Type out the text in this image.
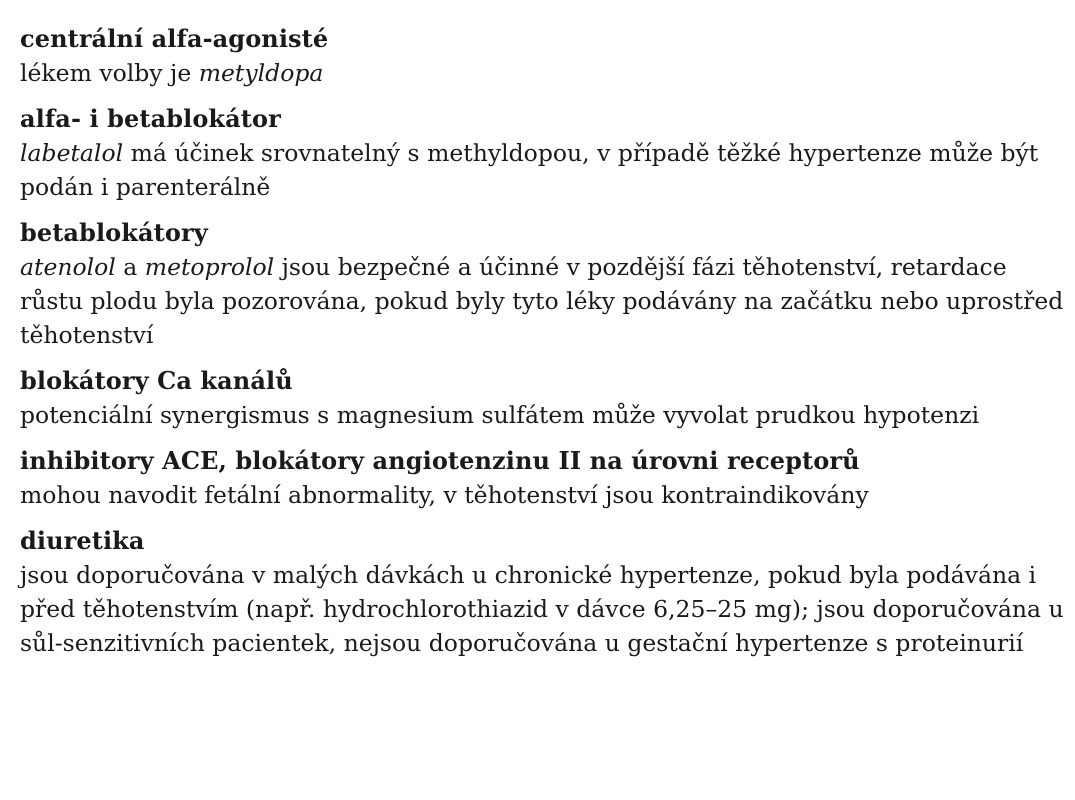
centrální alfa-agonisté
lékem volby je metyldopa
alfa- i betablokátor
labetalol má účinek srovnatelný s methyldopou, v případě těžké hypertenze může být podán i parenterálně
betablokátory
atenolol a metoprolol jsou bezpečné a účinné v pozdější fázi těhotenství, retardace růstu plodu byla pozorována, pokud byly tyto léky podávány na začátku nebo uprostřed těhotenství
blokátory Ca kanálů
potenciální synergismus s magnesium sulfátem může vyvolat prudkou hypotenzi
inhibitory ACE, blokátory angiotenzinu II na úrovni receptorů
mohou navodit fetální abnormality, v těhotenství jsou kontraindikovány
diuretika
jsou doporučována v malých dávkách u chronické hypertenze, pokud byla podávána i před těhotenstvím (např. hydrochlorothiazid v dávce 6,25–25 mg); jsou doporučována u sůl-senzitivních pacientek, nejsou doporučována u gestační hypertenze s proteinurií
